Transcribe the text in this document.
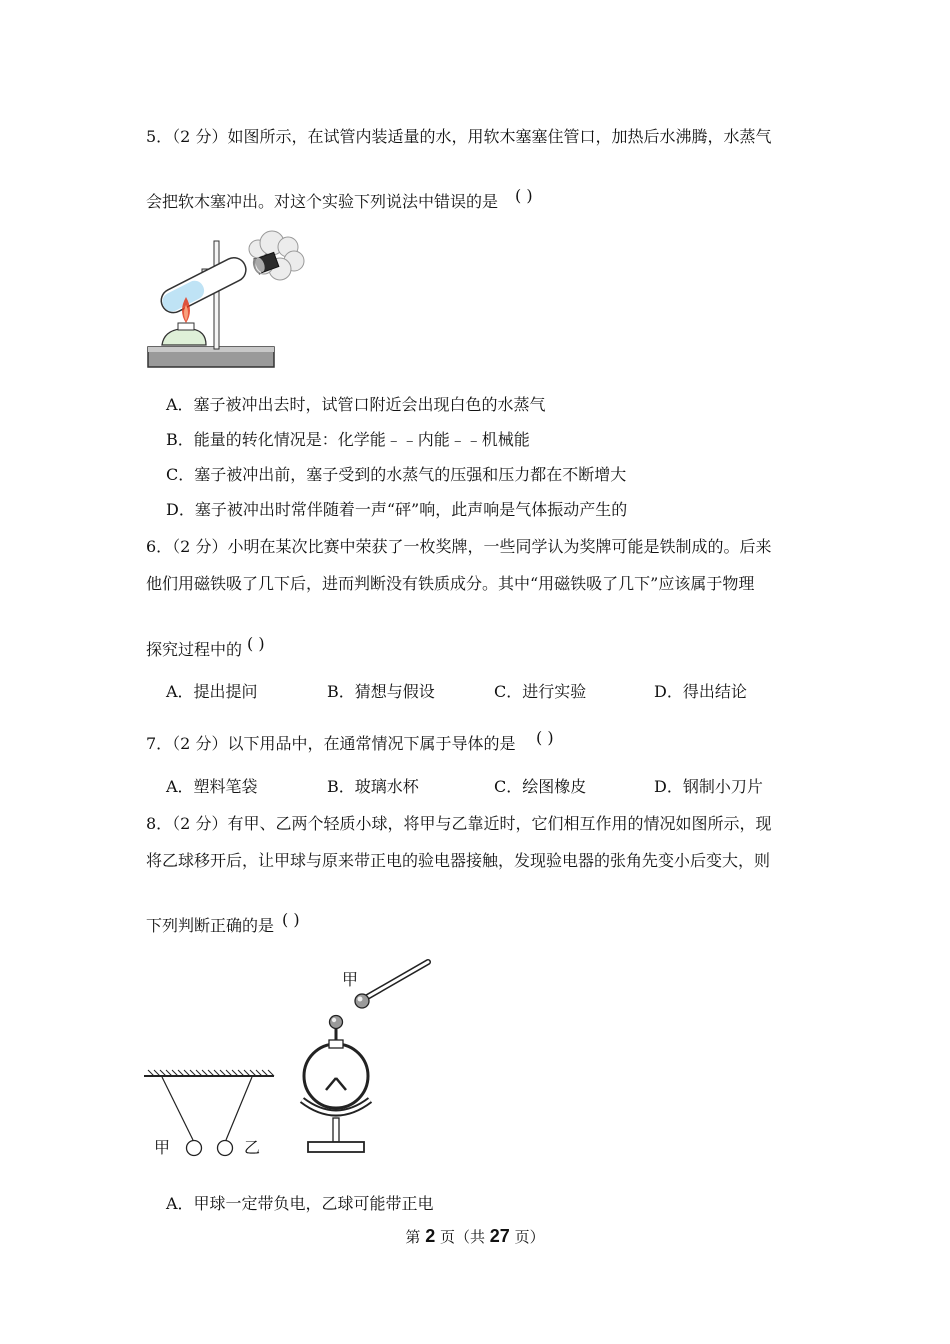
5．（2 分）如图所示，在试管内装适量的水，用软木塞塞住管口，加热后水沸腾，水蒸气
会把软木塞冲出。对这个实验下列说法中错误的是 ( )
A．塞子被冲出去时，试管口附近会出现白色的水蒸气
B．能量的转化情况是：化学能﹣﹣内能﹣﹣机械能
C．塞子被冲出前，塞子受到的水蒸气的压强和压力都在不断增大
D．塞子被冲出时常伴随着一声“砰”响，此声响是气体振动产生的
6．（2 分）小明在某次比赛中荣获了一枚奖牌，一些同学认为奖牌可能是铁制成的。后来
他们用磁铁吸了几下后，进而判断没有铁质成分。其中“用磁铁吸了几下”应该属于物理
探究过程中的 ( )
A．提出提问	B．猜想与假设	C．进行实验	D．得出结论
7．（2 分）以下用品中，在通常情况下属于导体的是 ( )
A．塑料笔袋	B．玻璃水杯	C．绘图橡皮	D．钢制小刀片
8．（2 分）有甲、乙两个轻质小球，将甲与乙靠近时，它们相互作用的情况如图所示，现
将乙球移开后，让甲球与原来带正电的验电器接触，发现验电器的张角先变小后变大，则
下列判断正确的是 ( )
甲	乙
甲
A．甲球一定带负电，乙球可能带正电
第 2 页（共 27 页）
